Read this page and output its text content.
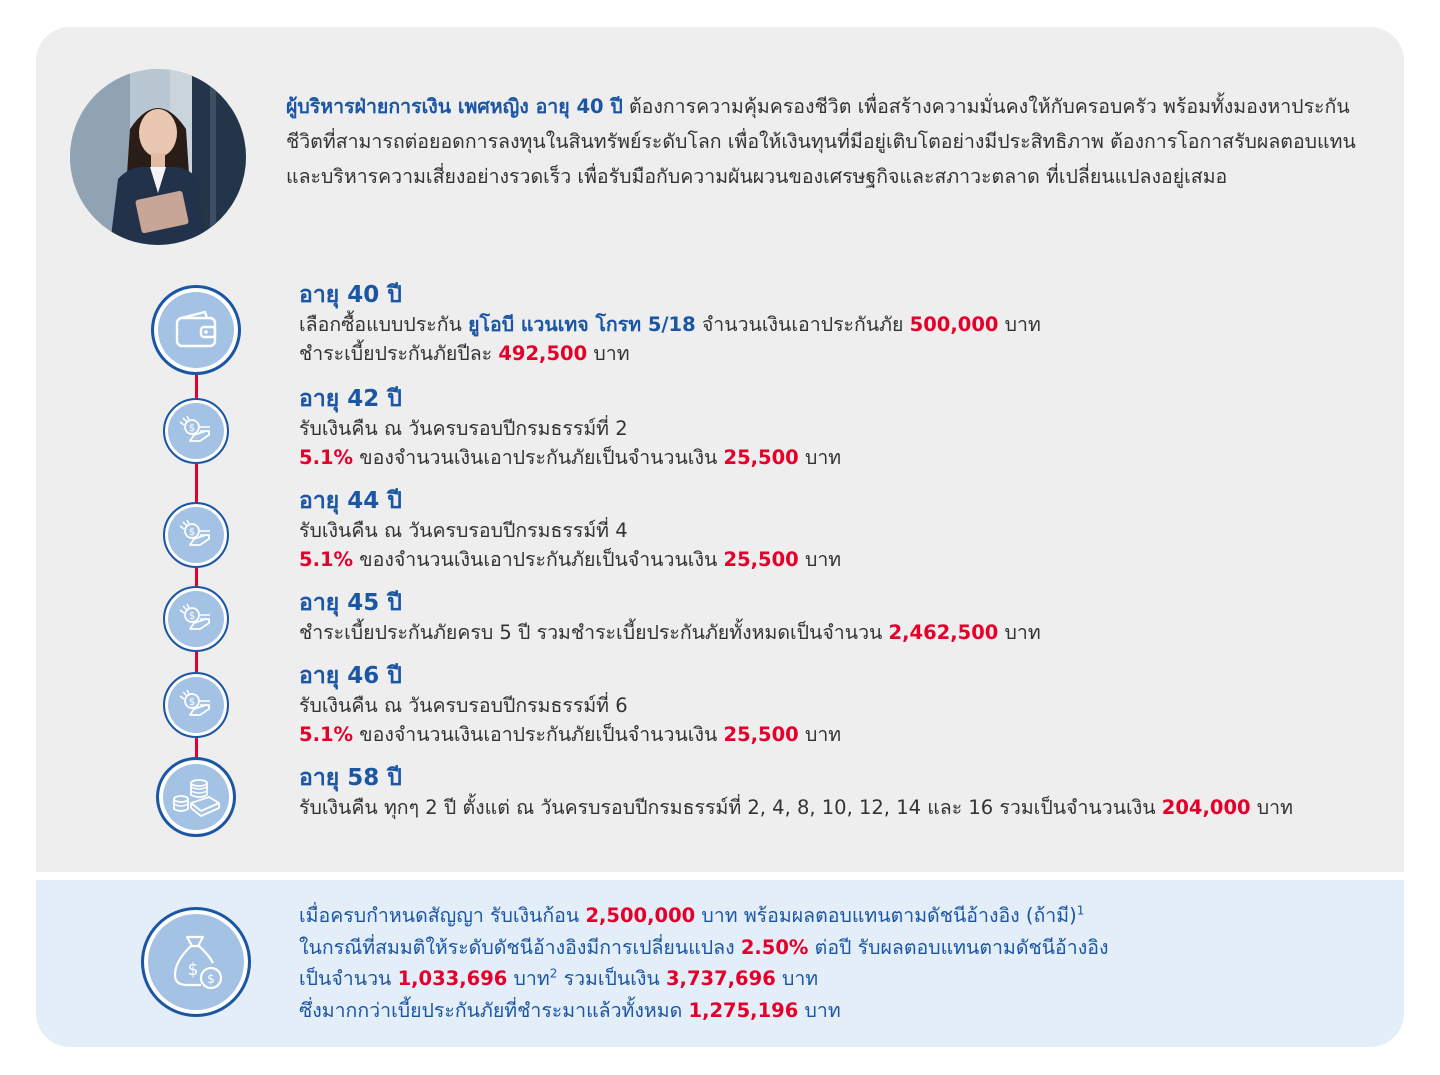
ผู้บริหารฝ่ายการเงิน เพศหญิง อายุ 40 ปี ต้องการความคุ้มครองชีวิต เพื่อสร้างความมั่นคงให้กับครอบครัว พร้อมทั้งมองหาประกันชีวิตที่สามารถต่อยอดการลงทุนในสินทรัพย์ระดับโลก เพื่อให้เงินทุนที่มีอยู่เติบโตอย่างมีประสิทธิภาพ ต้องการโอกาสรับผลตอบแทน และบริหารความเสี่ยงอย่างรวดเร็ว เพื่อรับมือกับความผันผวนของเศรษฐกิจและสภาวะตลาด ที่เปลี่ยนแปลงอยู่เสมอ
$
$
$
$
อายุ 40 ปี
เลือกซื้อแบบประกัน ยูโอบี แวนเทจ โกรท 5/18 จำนวนเงินเอาประกันภัย 500,000 บาท
ชำระเบี้ยประกันภัยปีละ 492,500 บาท
อายุ 42 ปี
รับเงินคืน ณ วันครบรอบปีกรมธรรม์ที่ 2
5.1% ของจำนวนเงินเอาประกันภัยเป็นจำนวนเงิน 25,500 บาท
อายุ 44 ปี
รับเงินคืน ณ วันครบรอบปีกรมธรรม์ที่ 4
5.1% ของจำนวนเงินเอาประกันภัยเป็นจำนวนเงิน 25,500 บาท
อายุ 45 ปี
ชำระเบี้ยประกันภัยครบ 5 ปี รวมชำระเบี้ยประกันภัยทั้งหมดเป็นจำนวน 2,462,500 บาท
อายุ 46 ปี
รับเงินคืน ณ วันครบรอบปีกรมธรรม์ที่ 6
5.1% ของจำนวนเงินเอาประกันภัยเป็นจำนวนเงิน 25,500 บาท
อายุ 58 ปี
รับเงินคืน ทุกๆ 2 ปี ตั้งแต่ ณ วันครบรอบปีกรมธรรม์ที่ 2, 4, 8, 10, 12, 14 และ 16 รวมเป็นจำนวนเงิน 204,000 บาท
$ $
เมื่อครบกำหนดสัญญา รับเงินก้อน 2,500,000 บาท พร้อมผลตอบแทนตามดัชนีอ้างอิง (ถ้ามี)$^1$
ในกรณีที่สมมติให้ระดับดัชนีอ้างอิงมีการเปลี่ยนแปลง 2.50% ต่อปี รับผลตอบแทนตามดัชนีอ้างอิง
เป็นจำนวน 1,033,696 บาท$^2$ รวมเป็นเงิน 3,737,696 บาท
ซึ่งมากกว่าเบี้ยประกันภัยที่ชำระมาแล้วทั้งหมด 1,275,196 บาท
